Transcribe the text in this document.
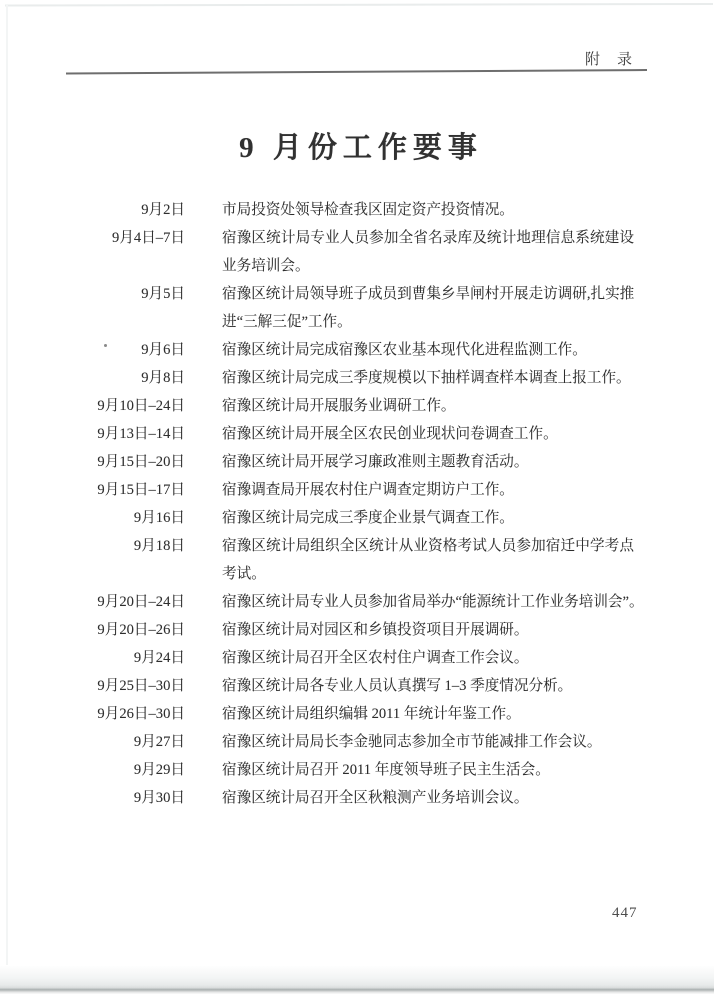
附　录
9 月份工作要事
9月2日	市局投资处领导检查我区固定资产投资情况。
9月4日–7日	宿豫区统计局专业人员参加全省名录库及统计地理信息系统建设
业务培训会。
9月5日	宿豫区统计局领导班子成员到曹集乡旱闸村开展走访调研,扎实推
进“三解三促”工作。
9月6日	宿豫区统计局完成宿豫区农业基本现代化进程监测工作。
9月8日	宿豫区统计局完成三季度规模以下抽样调查样本调查上报工作。
9月10日–24日	宿豫区统计局开展服务业调研工作。
9月13日–14日	宿豫区统计局开展全区农民创业现状问卷调查工作。
9月15日–20日	宿豫区统计局开展学习廉政准则主题教育活动。
9月15日–17日	宿豫调查局开展农村住户调查定期访户工作。
9月16日	宿豫区统计局完成三季度企业景气调查工作。
9月18日	宿豫区统计局组织全区统计从业资格考试人员参加宿迁中学考点
考试。
9月20日–24日	宿豫区统计局专业人员参加省局举办“能源统计工作业务培训会”。
9月20日–26日	宿豫区统计局对园区和乡镇投资项目开展调研。
9月24日	宿豫区统计局召开全区农村住户调查工作会议。
9月25日–30日	宿豫区统计局各专业人员认真撰写 1–3 季度情况分析。
9月26日–30日	宿豫区统计局组织编辑 2011 年统计年鉴工作。
9月27日	宿豫区统计局局长李金驰同志参加全市节能减排工作会议。
9月29日	宿豫区统计局召开 2011 年度领导班子民主生活会。
9月30日	宿豫区统计局召开全区秋粮测产业务培训会议。
447
